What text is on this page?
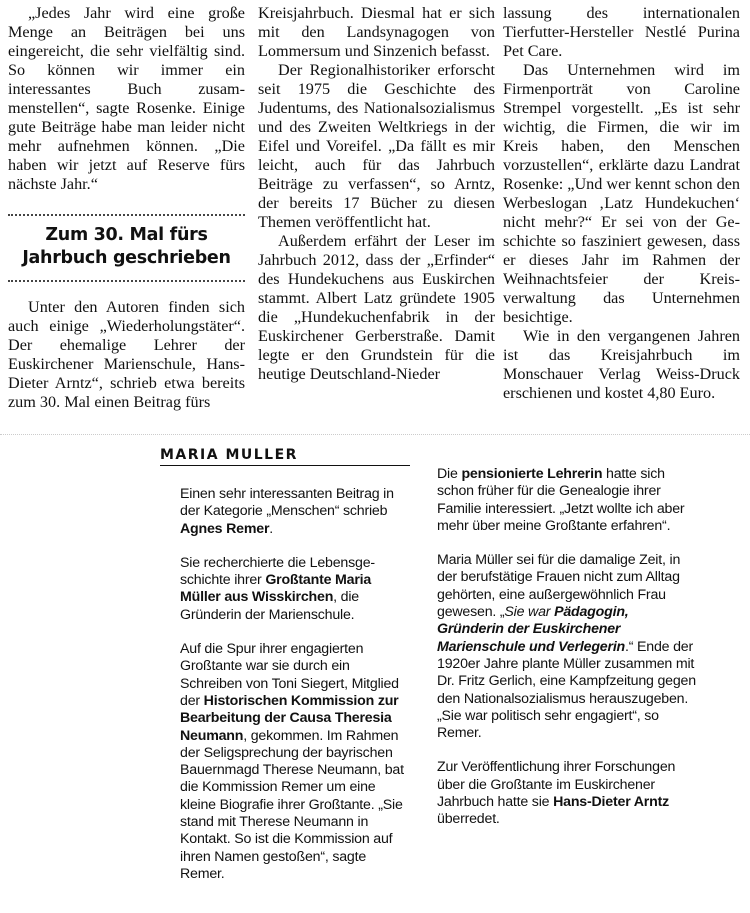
„Jedes Jahr wird eine große Menge an Beiträgen bei uns eingereicht, die sehr vielfältig sind. So können wir immer ein interessantes Buch zusammenstellen“, sagte Rosenke. Einige gute Beiträge habe man leider nicht mehr aufnehmen können. „Die haben wir jetzt auf Reserve fürs nächste Jahr.“

Zum 30. Mal fürs Jahrbuch geschrieben

Unter den Autoren finden sich auch einige „Wiederholungstäter“. Der ehemalige Lehrer der Euskirchener Marienschule, Hans-Dieter Arntz“, schrieb etwa bereits zum 30. Mal einen Beitrag fürs

Kreisjahrbuch. Diesmal hat er sich mit den Landsynagogen von Lommersum und Sinzenich befasst.

Der Regionalhistoriker erforscht seit 1975 die Geschichte des Judentums, des Nationalsozialismus und des Zweiten Weltkriegs in der Eifel und Voreifel. „Da fällt es mir leicht, auch für das Jahrbuch Beiträge zu verfassen“, so Arntz, der bereits 17 Bücher zu diesen Themen veröffentlicht hat.

Außerdem erfährt der Leser im Jahrbuch 2012, dass der „Erfinder“ des Hundekuchens aus Euskirchen stammt. Albert Latz gründete 1905 die „Hundekuchenfabrik in der Euskirchener Gerberstraße. Damit legte er den Grundstein für die heutige Deutschland-Nieder

lassung des internationalen Tierfutter-Hersteller Nestlé Purina Pet Care.

Das Unternehmen wird im Firmenporträt von Caroline Strempel vorgestellt. „Es ist sehr wichtig, die Firmen, die wir im Kreis haben, den Menschen vorzustellen“, erklärte dazu Landrat Rosenke: „Und wer kennt schon den Werbeslogan ‚Latz Hundekuchen‘ nicht mehr?“ Er sei von der Geschichte so fasziniert gewesen, dass er dieses Jahr im Rahmen der Weihnachtsfeier der Kreisverwaltung das Unternehmen besichtige.

Wie in den vergangenen Jahren ist das Kreisjahrbuch im Monschauer Verlag Weiss-Druck erschienen und kostet 4,80 Euro.

MARIA MULLER

Einen sehr interessanten Beitrag in der Kategorie „Menschen“ schrieb Agnes Remer.

Sie recherchierte die Lebensgeschichte ihrer Großtante Maria Müller aus Wisskirchen, die Gründerin der Marienschule.

Auf die Spur ihrer engagierten Großtante war sie durch ein Schreiben von Toni Siegert, Mitglied der Historischen Kommission zur Bearbeitung der Causa Theresia Neumann, gekommen. Im Rahmen der Seligsprechung der bayrischen Bauernmagd Therese Neumann, bat die Kommission Remer um eine kleine Biografie ihrer Großtante. „Sie stand mit Therese Neumann in Kontakt. So ist die Kommission auf ihren Namen gestoßen“, sagte Remer.

Die pensionierte Lehrerin hatte sich schon früher für die Genealogie ihrer Familie interessiert. „Jetzt wollte ich aber mehr über meine Großtante erfahren“.

Maria Müller sei für die damalige Zeit, in der berufstätige Frauen nicht zum Alltag gehörten, eine außergewöhnlich Frau gewesen. „Sie war Pädagogin, Gründerin der Euskirchener Marienschule und Verlegerin.“ Ende der 1920er Jahre plante Müller zusammen mit Dr. Fritz Gerlich, eine Kampfzeitung gegen den Nationalsozialismus herauszugeben. „Sie war politisch sehr engagiert“, so Remer.

Zur Veröffentlichung ihrer Forschungen über die Großtante im Euskirchener Jahrbuch hatte sie Hans-Dieter Arntz überredet.
